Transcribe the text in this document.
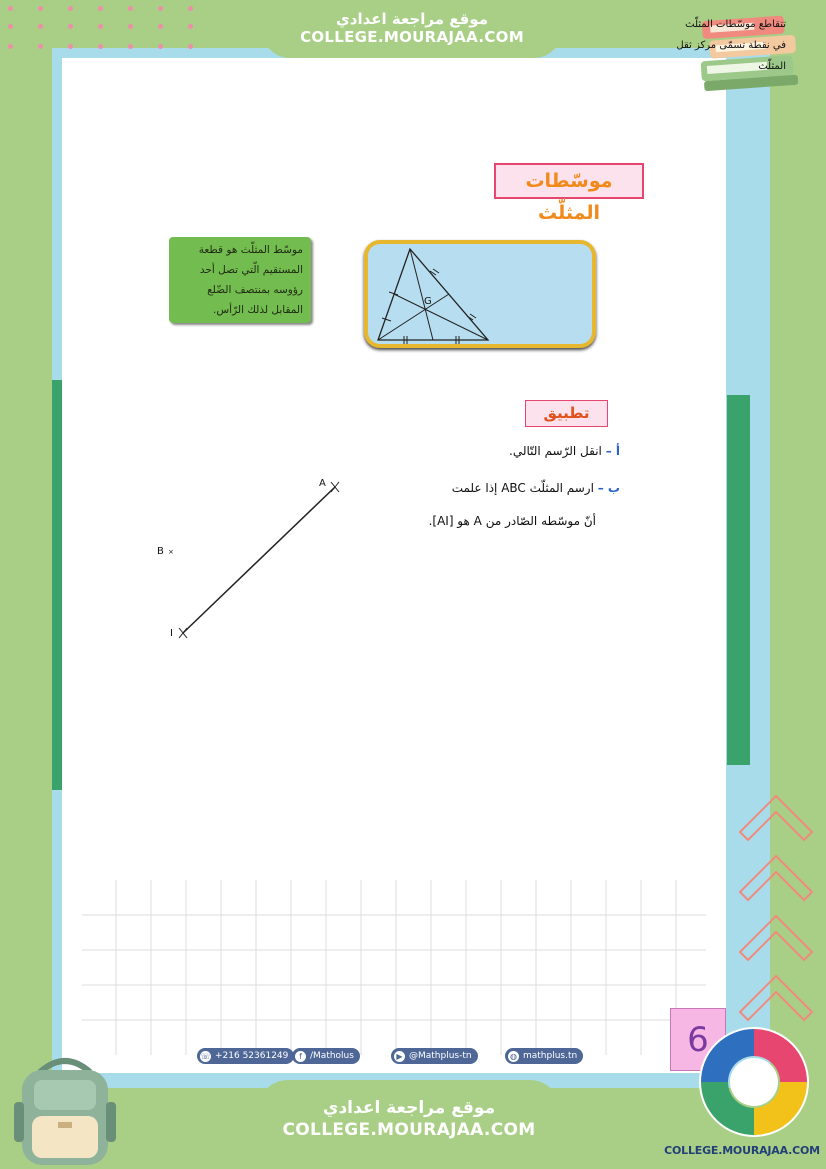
موقع مراجعة اعدادي
COLLEGE.MOURAJAA.COM
موسّطات المثلّث
موسّط المثلّث هو قطعة المستقيم الّتي تصل أحد رؤوسه بمنتصف الضّلع المقابل لذلك الرّأس.
G
تتقاطع موسّطات المثلّث في نقطة تسمّى مركز ثقل المثلّث
تطبيق
أ – انقل الرّسم التّالي.
ب – ارسم المثلّث ABC إذا علمت
أنّ موسّطه الصّادر من A هو [AI].
A
I
B ×
6
☏ +216 52361249	f /Matholus	▶ @Mathplus-tn	◍ mathplus.tn
موقع مراجعة اعدادي
COLLEGE.MOURAJAA.COM
COLLEGE.MOURAJAA.COM
